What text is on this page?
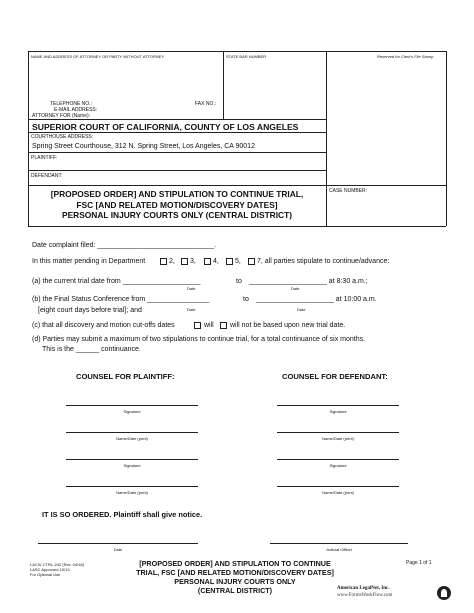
NAME AND ADDRESS OF ATTORNEY OR PARTY WITHOUT ATTORNEY	STATE BAR NUMBER	Reserved for Clerk's File Stamp
TELEPHONE NO.:	FAX NO.:
E-MAIL ADDRESS:
ATTORNEY FOR (Name):
SUPERIOR COURT OF CALIFORNIA, COUNTY OF LOS ANGELES
COURTHOUSE ADDRESS:
Spring Street Courthouse, 312 N. Spring Street, Los Angeles, CA 90012
PLAINTIFF:
DEFENDANT:
[PROPOSED ORDER] AND STIPULATION TO CONTINUE TRIAL,
FSC [AND RELATED MOTION/DISCOVERY DATES]
PERSONAL INJURY COURTS ONLY (CENTRAL DISTRICT)
CASE NUMBER:
Date complaint filed: ______________________________.
In this matter pending in Department	2, 3, 4, 5, 7, all parties stipulate to continue/advance:
(a) the current trial date from ____________________	to ____________________ at 8:30 a.m.;
Date	Date
(b) the Final Status Conference from ________________	to ____________________ at 10:00 a.m.
[eight court days before trial]; and	Date	Date
(c) that all discovery and motion cut-offs dates	will will not be based upon new trial date.
(d) Parties may submit a maximum of two stipulations to continue trial, for a total continuance of six months.
This is the ______ continuance.
COUNSEL FOR PLAINTIFF:	COUNSEL FOR DEFENDANT:
Signature
Name/Date (print)
Signature
Name/Date (print)
Signature
Name/Date (print)
Signature
Name/Date (print)
IT IS SO ORDERED. Plaintiff shall give notice.
Date	Judicial Officer
LACIV CTRL-242 (Rev. 04/18)
LASC Approved 10/13
For Optional Use
[PROPOSED ORDER] AND STIPULATION TO CONTINUE
TRIAL, FSC [AND RELATED MOTION/DISCOVERY DATES]
PERSONAL INJURY COURTS ONLY
(CENTRAL DISTRICT)
Page 1 of 1
American LegalNet, Inc.
www.FormsWorkFlow.com
